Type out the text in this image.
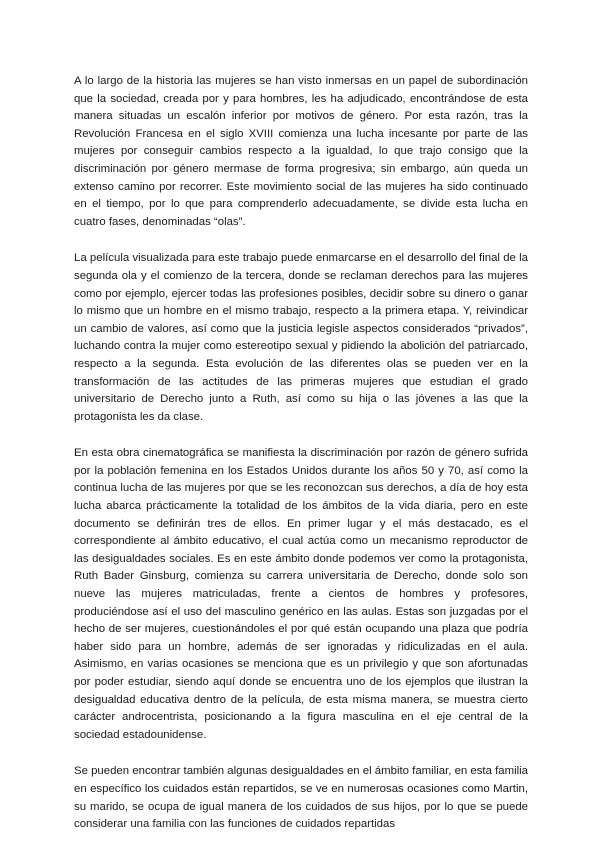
A lo largo de la historia las mujeres se han visto inmersas en un papel de subordinación que la sociedad, creada por y para hombres, les ha adjudicado, encontrándose de esta manera situadas un escalón inferior por motivos de género. Por esta razón, tras la Revolución Francesa en el siglo XVIII comienza una lucha incesante por parte de las mujeres por conseguir cambios respecto a la igualdad, lo que trajo consigo que la discriminación por género mermase de forma progresiva; sin embargo, aún queda un extenso camino por recorrer. Este movimiento social de las mujeres ha sido continuado en el tiempo, por lo que para comprenderlo adecuadamente, se divide esta lucha en cuatro fases, denominadas “olas”.

La película visualizada para este trabajo puede enmarcarse en el desarrollo del final de la segunda ola y el comienzo de la tercera, donde se reclaman derechos para las mujeres como por ejemplo, ejercer todas las profesiones posibles, decidir sobre su dinero o ganar lo mismo que un hombre en el mismo trabajo, respecto a la primera etapa. Y, reivindicar un cambio de valores, así como que la justicia legisle aspectos considerados “privados”, luchando contra la mujer como estereotipo sexual y pidiendo la abolición del patriarcado, respecto a la segunda. Esta evolución de las diferentes olas se pueden ver en la transformación de las actitudes de las primeras mujeres que estudian el grado universitario de Derecho junto a Ruth, así como su hija o las jóvenes a las que la protagonista les da clase.

En esta obra cinematográfica se manifiesta la discriminación por razón de género sufrida por la población femenina en los Estados Unidos durante los años 50 y 70, así como la continua lucha de las mujeres por que se les reconozcan sus derechos, a día de hoy esta lucha abarca prácticamente la totalidad de los ámbitos de la vida diaria, pero en este documento se definirán tres de ellos. En primer lugar y el más destacado, es el correspondiente al ámbito educativo, el cual actúa como un mecanismo reproductor de las desigualdades sociales. Es en este ámbito donde podemos ver como la protagonista, Ruth Bader Ginsburg, comienza su carrera universitaria de Derecho, donde solo son nueve las mujeres matriculadas, frente a cientos de hombres y profesores, produciéndose así el uso del masculino genérico en las aulas. Estas son juzgadas por el hecho de ser mujeres, cuestionándoles el por qué están ocupando una plaza que podría haber sido para un hombre, además de ser ignoradas y ridiculizadas en el aula. Asimismo, en varias ocasiones se menciona que es un privilegio y que son afortunadas por poder estudiar, siendo aquí donde se encuentra uno de los ejemplos que ilustran la desigualdad educativa dentro de la película, de esta misma manera, se muestra cierto carácter androcentrista, posicionando a la figura masculina en el eje central de la sociedad estadounidense.

Se pueden encontrar también algunas desigualdades en el ámbito familiar, en esta familia en específico los cuidados están repartidos, se ve en numerosas ocasiones como Martin, su marido, se ocupa de igual manera de los cuidados de sus hijos, por lo que se puede considerar una familia con las funciones de cuidados repartidas
